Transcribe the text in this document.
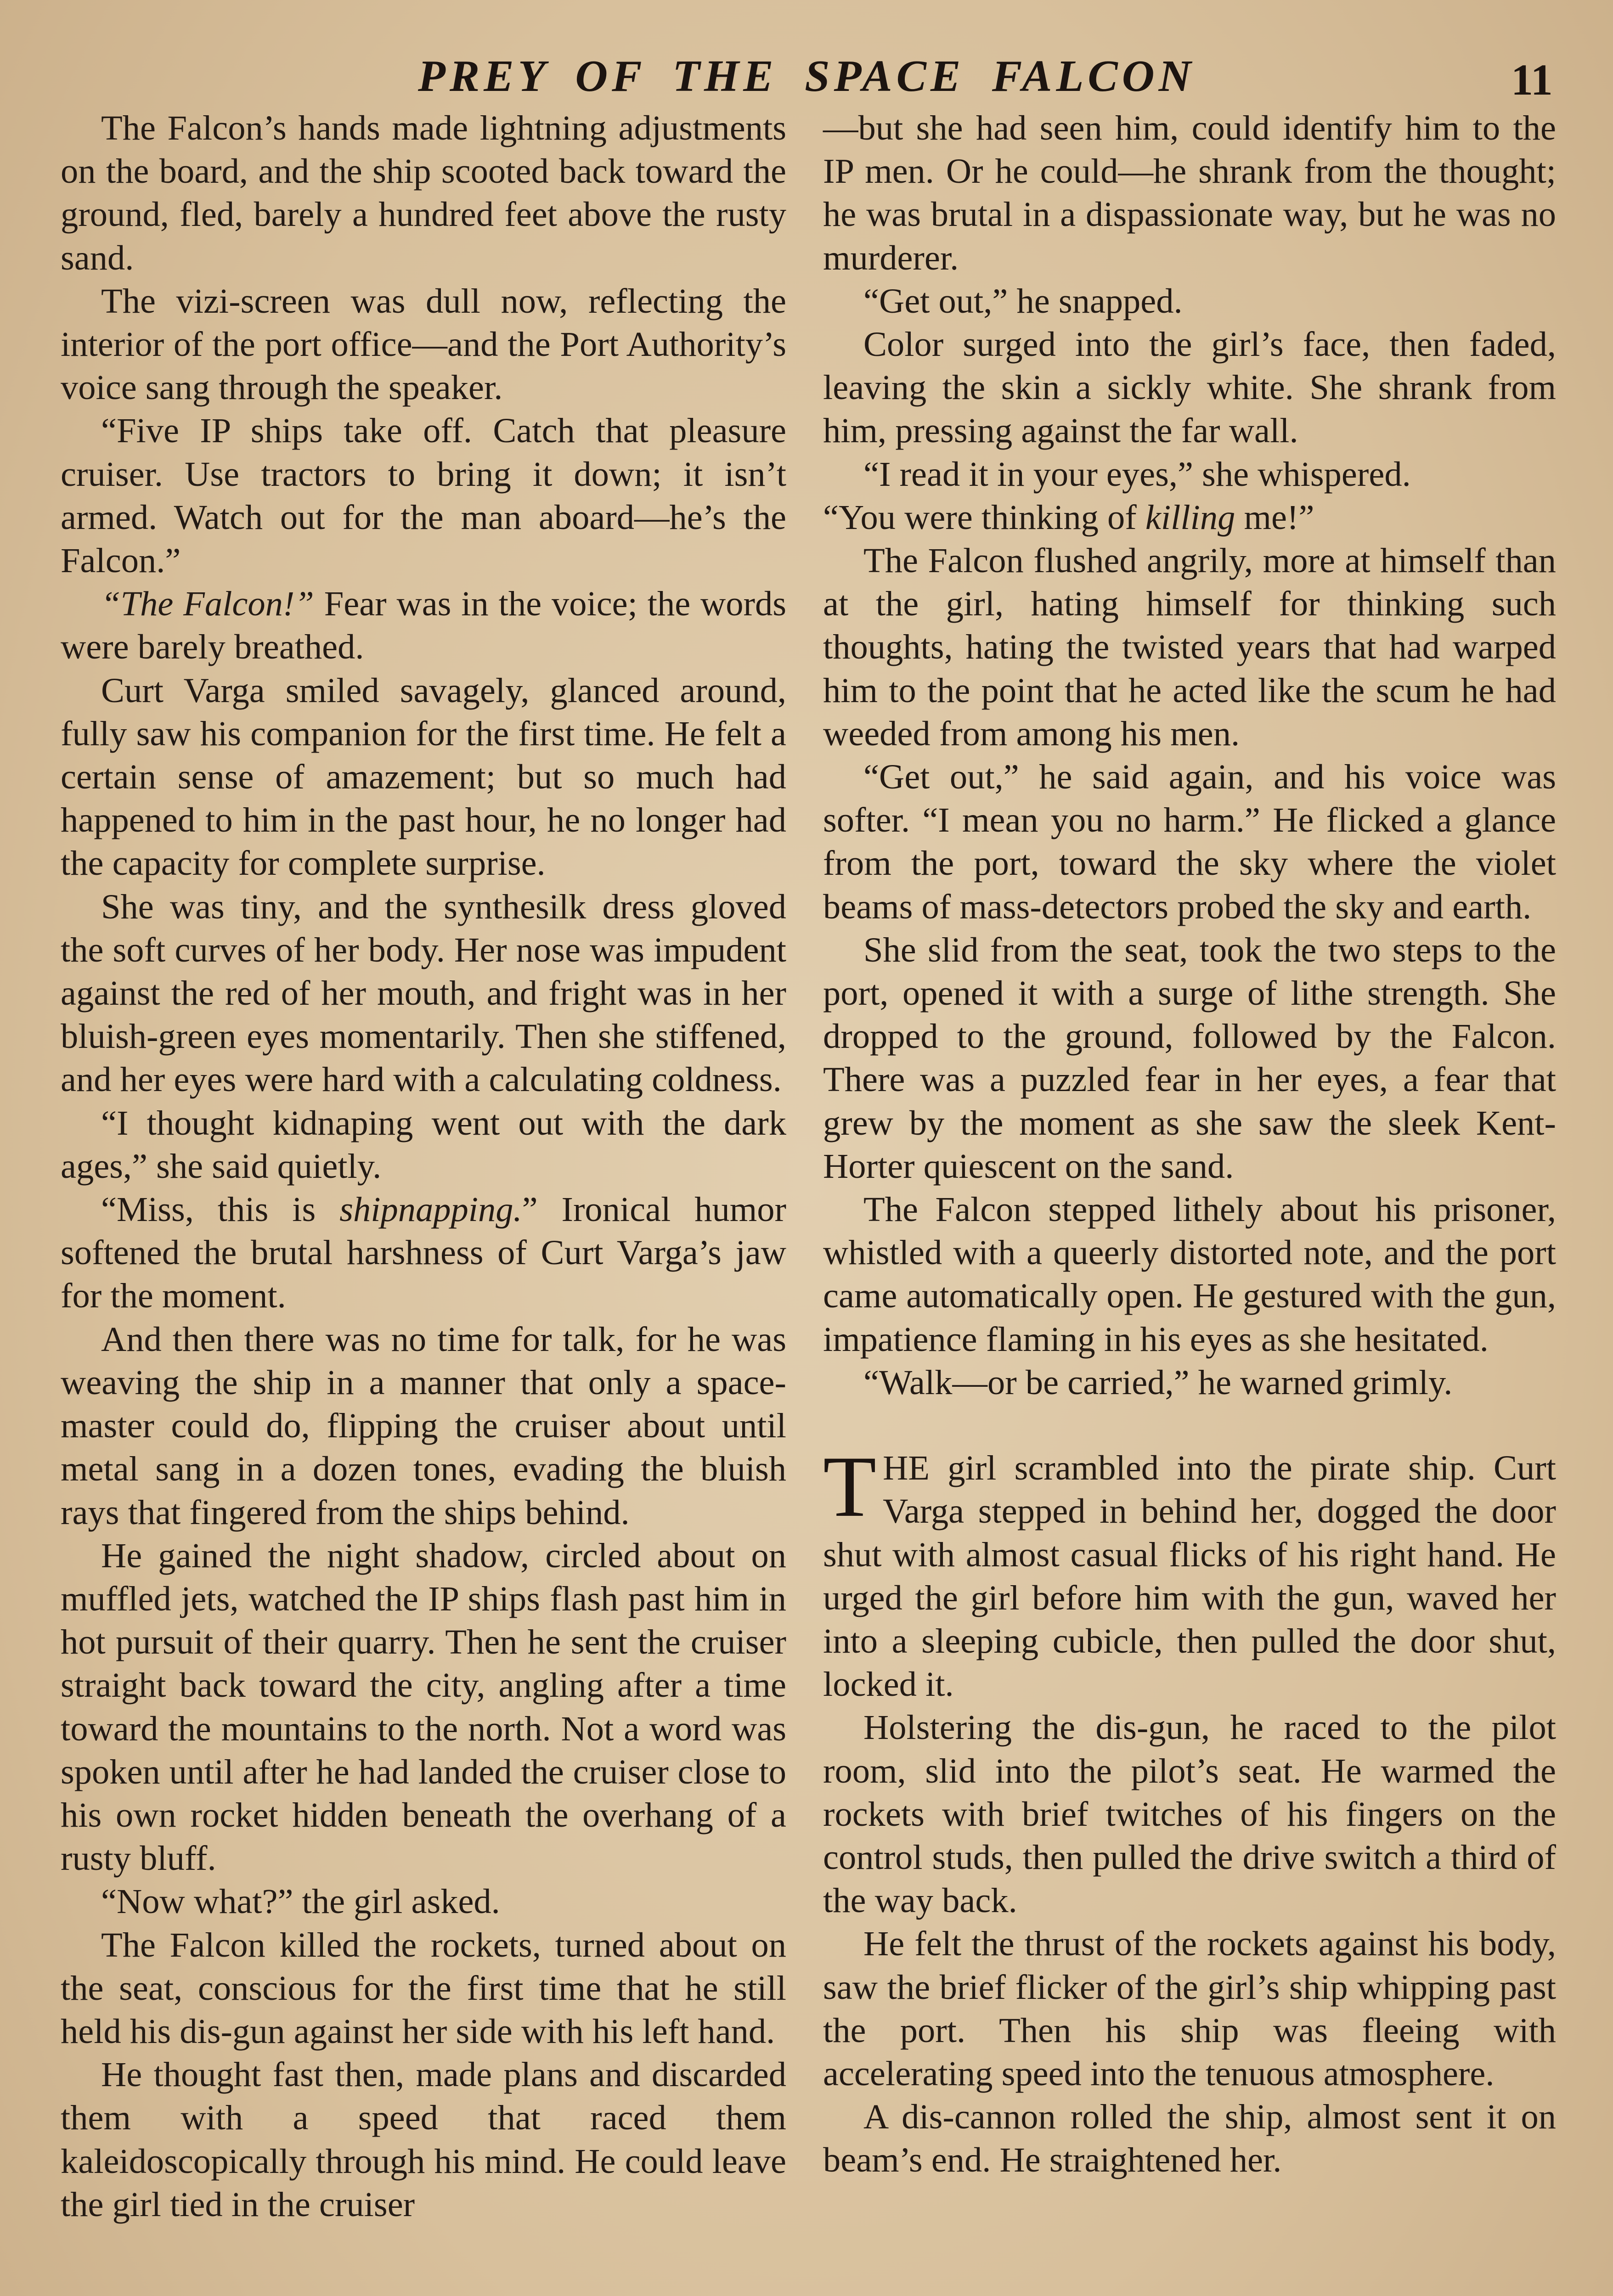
PREY OF THE SPACE FALCON	11

The Falcon’s hands made lightning adjustments on the board, and the ship scooted back toward the ground, fled, barely a hundred feet above the rusty sand.

The vizi-screen was dull now, reflecting the interior of the port office—and the Port Authority’s voice sang through the speaker.

“Five IP ships take off. Catch that pleasure cruiser. Use tractors to bring it down; it isn’t armed. Watch out for the man aboard—he’s the Falcon.”

“The Falcon!” Fear was in the voice; the words were barely breathed.

Curt Varga smiled savagely, glanced around, fully saw his companion for the first time. He felt a certain sense of amazement; but so much had happened to him in the past hour, he no longer had the capacity for complete surprise.

She was tiny, and the synthesilk dress gloved the soft curves of her body. Her nose was impudent against the red of her mouth, and fright was in her bluish-green eyes momentarily. Then she stiffened, and her eyes were hard with a calculating coldness.

“I thought kidnaping went out with the dark ages,” she said quietly.

“Miss, this is shipnapping.” Ironical humor softened the brutal harshness of Curt Varga’s jaw for the moment.

And then there was no time for talk, for he was weaving the ship in a manner that only a space-master could do, flipping the cruiser about until metal sang in a dozen tones, evading the bluish rays that fingered from the ships behind.

He gained the night shadow, circled about on muffled jets, watched the IP ships flash past him in hot pursuit of their quarry. Then he sent the cruiser straight back toward the city, angling after a time toward the mountains to the north. Not a word was spoken until after he had landed the cruiser close to his own rocket hidden beneath the overhang of a rusty bluff.

“Now what?” the girl asked.

The Falcon killed the rockets, turned about on the seat, conscious for the first time that he still held his dis-gun against her side with his left hand.

He thought fast then, made plans and discarded them with a speed that raced them kaleidoscopically through his mind. He could leave the girl tied in the cruiser

—but she had seen him, could identify him to the IP men. Or he could—he shrank from the thought; he was brutal in a dispassionate way, but he was no murderer.

“Get out,” he snapped.

Color surged into the girl’s face, then faded, leaving the skin a sickly white. She shrank from him, pressing against the far wall.

“I read it in your eyes,” she whispered.

“You were thinking of killing me!”

The Falcon flushed angrily, more at himself than at the girl, hating himself for thinking such thoughts, hating the twisted years that had warped him to the point that he acted like the scum he had weeded from among his men.

“Get out,” he said again, and his voice was softer. “I mean you no harm.” He flicked a glance from the port, toward the sky where the violet beams of mass-detectors probed the sky and earth.

She slid from the seat, took the two steps to the port, opened it with a surge of lithe strength. She dropped to the ground, followed by the Falcon. There was a puzzled fear in her eyes, a fear that grew by the moment as she saw the sleek Kent-Horter quiescent on the sand.

The Falcon stepped lithely about his prisoner, whistled with a queerly distorted note, and the port came automatically open. He gestured with the gun, impatience flaming in his eyes as she hesitated.

“Walk—or be carried,” he warned grimly.

THE girl scrambled into the pirate ship. Curt Varga stepped in behind her, dogged the door shut with almost casual flicks of his right hand. He urged the girl before him with the gun, waved her into a sleeping cubicle, then pulled the door shut, locked it.

Holstering the dis-gun, he raced to the pilot room, slid into the pilot’s seat. He warmed the rockets with brief twitches of his fingers on the control studs, then pulled the drive switch a third of the way back.

He felt the thrust of the rockets against his body, saw the brief flicker of the girl’s ship whipping past the port. Then his ship was fleeing with accelerating speed into the tenuous atmosphere.

A dis-cannon rolled the ship, almost sent it on beam’s end. He straightened her.
